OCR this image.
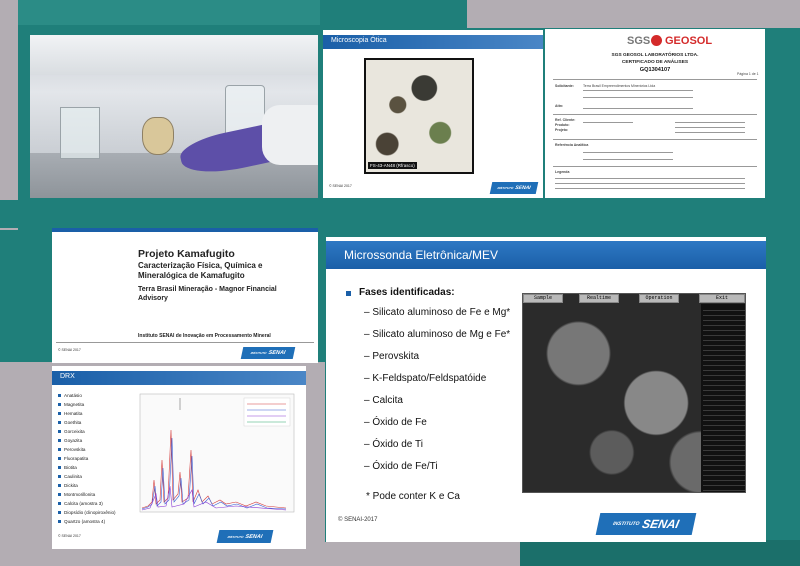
Microscopia Ótica
FS-43-AN48 (Rfrasco)
© SENAI 2017	INSTITUTO SENAI
SGS GEOSOL
SGS GEOSOL LABORATÓRIOS LTDA.
CERTIFICADO DE ANÁLISES
GQ1304107
Página 1 de 1
Solicitante:	Terra Brasil Empreendimentos Minerários Ltda
Attn:
Ref. Cliente:
Produto:
Projeto:
Referência Analítica
Legenda
Projeto Kamafugito
Caracterização Física, Química e
Mineralógica de Kamafugito
Terra Brasil Mineração - Magnor Financial
Advisory
Instituto SENAI de Inovação em Processamento Mineral
© SENAI 2017
INSTITUTO SENAI
Microssonda Eletrônica/MEV
Fases identificadas:
– Silicato aluminoso de Fe e Mg*
– Silicato aluminoso de Mg e Fe*
– Perovskita
– K-Feldspato/Feldspatóide
– Calcita
– Óxido de Fe
– Óxido de Ti
– Óxido de Fe/Ti
* Pode conter K e Ca
Sample	Realtime	Operation	Exit
© SENAI-2017
INSTITUTO SENAI
DRX
Anatásio
Magnetita
Hematita
Goethita
Gorceixita
Goyazita
Perovskita
Fluorapatita
Biotita
Caulinita
Dickita
Montmorillonita
Calcita (amostra 3)
Diopsídio (clinopiroxênio)
Quartzo (amostra 4)
© SENAI 2017	INSTITUTO SENAI
